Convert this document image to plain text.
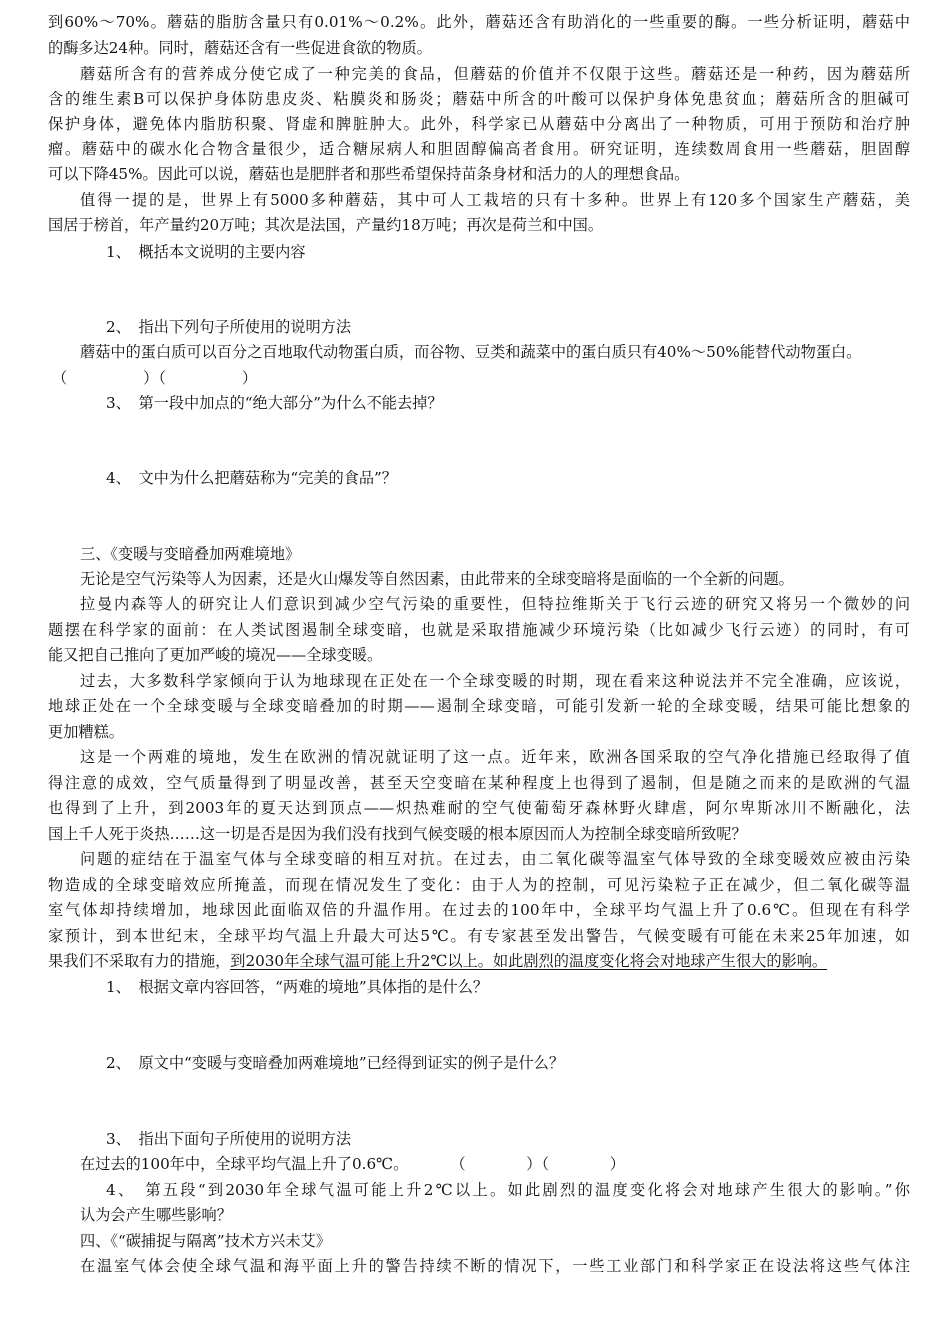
到60%～70%。蘑菇的脂肪含量只有0.01%～0.2%。此外，蘑菇还含有助消化的一些重要的酶。一些分析证明，蘑菇中
的酶多达24种。同时，蘑菇还含有一些促进食欲的物质。
蘑菇所含有的营养成分使它成了一种完美的食品，但蘑菇的价值并不仅限于这些。蘑菇还是一种药，因为蘑菇所
含的维生素B可以保护身体防患皮炎、粘膜炎和肠炎；蘑菇中所含的叶酸可以保护身体免患贫血；蘑菇所含的胆碱可
保护身体，避免体内脂肪积聚、肾虚和脾脏肿大。此外，科学家已从蘑菇中分离出了一种物质，可用于预防和治疗肿
瘤。蘑菇中的碳水化合物含量很少，适合糖尿病人和胆固醇偏高者食用。研究证明，连续数周食用一些蘑菇，胆固醇
可以下降45%。因此可以说，蘑菇也是肥胖者和那些希望保持苗条身材和活力的人的理想食品。
值得一提的是，世界上有5000多种蘑菇，其中可人工栽培的只有十多种。世界上有120多个国家生产蘑菇，美
国居于榜首，年产量约20万吨；其次是法国，产量约18万吨；再次是荷兰和中国。
1、　概括本文说明的主要内容
2、　指出下列句子所使用的说明方法
蘑菇中的蛋白质可以百分之百地取代动物蛋白质，而谷物、豆类和蔬菜中的蛋白质只有40%～50%能替代动物蛋白。
（　　　　　）（　　　　　）
3、　第一段中加点的“绝大部分”为什么不能去掉？
4、　文中为什么把蘑菇称为“完美的食品”？
三、《变暖与变暗叠加两难境地》
无论是空气污染等人为因素，还是火山爆发等自然因素，由此带来的全球变暗将是面临的一个全新的问题。
拉曼内森等人的研究让人们意识到减少空气污染的重要性，但特拉维斯关于飞行云迹的研究又将另一个微妙的问
题摆在科学家的面前：在人类试图遏制全球变暗，也就是采取措施减少环境污染（比如减少飞行云迹）的同时，有可
能又把自己推向了更加严峻的境况——全球变暖。
过去，大多数科学家倾向于认为地球现在正处在一个全球变暖的时期，现在看来这种说法并不完全准确，应该说，
地球正处在一个全球变暖与全球变暗叠加的时期——遏制全球变暗，可能引发新一轮的全球变暖，结果可能比想象的
更加糟糕。
这是一个两难的境地，发生在欧洲的情况就证明了这一点。近年来，欧洲各国采取的空气净化措施已经取得了值
得注意的成效，空气质量得到了明显改善，甚至天空变暗在某种程度上也得到了遏制，但是随之而来的是欧洲的气温
也得到了上升，到2003年的夏天达到顶点——炽热难耐的空气使葡萄牙森林野火肆虐，阿尔卑斯冰川不断融化，法
国上千人死于炎热……这一切是否是因为我们没有找到气候变暖的根本原因而人为控制全球变暗所致呢？
问题的症结在于温室气体与全球变暗的相互对抗。在过去，由二氧化碳等温室气体导致的全球变暖效应被由污染
物造成的全球变暗效应所掩盖，而现在情况发生了变化：由于人为的控制，可见污染粒子正在减少，但二氧化碳等温
室气体却持续增加，地球因此面临双倍的升温作用。在过去的100年中，全球平均气温上升了0.6℃。但现在有科学
家预计，到本世纪末，全球平均气温上升最大可达5℃。有专家甚至发出警告，气候变暖有可能在未来25年加速，如
果我们不采取有力的措施，到2030年全球气温可能上升2℃以上。如此剧烈的温度变化将会对地球产生很大的影响。
1、　根据文章内容回答，“两难的境地”具体指的是什么？
2、　原文中“变暖与变暗叠加两难境地”已经得到证实的例子是什么？
3、　指出下面句子所使用的说明方法
在过去的100年中，全球平均气温上升了0.6℃。	（　　　　）（　　　　）
4、　第五段“到2030年全球气温可能上升2℃以上。如此剧烈的温度变化将会对地球产生很大的影响。”你
认为会产生哪些影响？
四、《“碳捕捉与隔离”技术方兴未艾》
在温室气体会使全球气温和海平面上升的警告持续不断的情况下，一些工业部门和科学家正在设法将这些气体注
